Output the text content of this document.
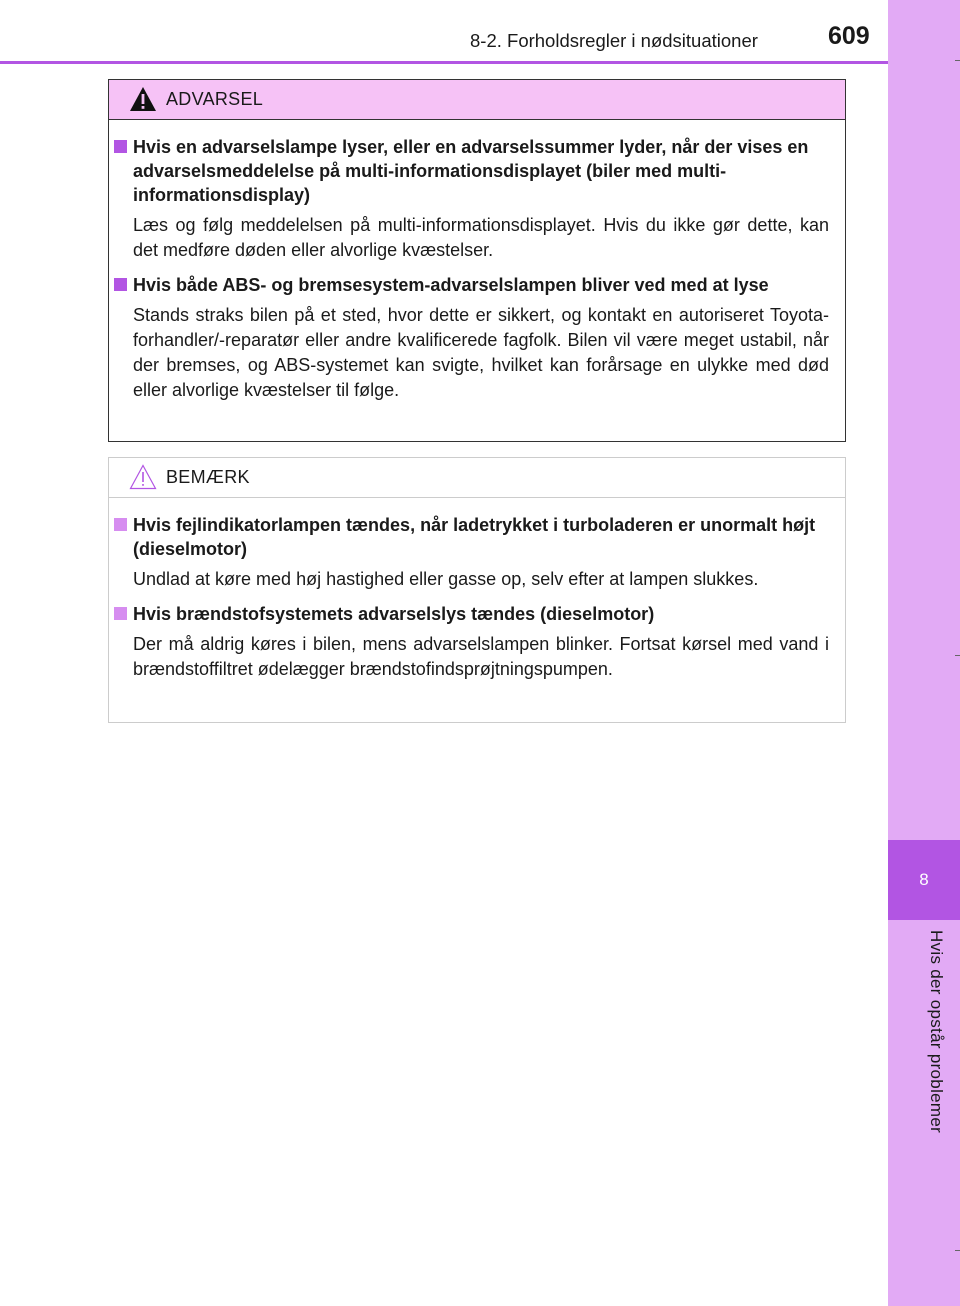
8
Hvis der opstår problemer
8-2. Forholdsregler i nødsituationer	609
ADVARSEL

Hvis en advarselslampe lyser, eller en advarselssummer lyder, når der vises en advarselsmeddelelse på multi-informationsdisplayet (biler med multi-informationsdisplay)

Læs og følg meddelelsen på multi-informationsdisplayet. Hvis du ikke gør dette, kan det medføre døden eller alvorlige kvæstelser.

Hvis både ABS- og bremsesystem-advarselslampen bliver ved med at lyse

Stands straks bilen på et sted, hvor dette er sikkert, og kontakt en autoriseret Toyota-forhandler/-reparatør eller andre kvalificerede fagfolk. Bilen vil være meget ustabil, når der bremses, og ABS-systemet kan svigte, hvilket kan forårsage en ulykke med død eller alvorlige kvæstelser til følge.

BEMÆRK

Hvis fejlindikatorlampen tændes, når ladetrykket i turboladeren er unormalt højt (dieselmotor)

Undlad at køre med høj hastighed eller gasse op, selv efter at lampen slukkes.

Hvis brændstofsystemets advarselslys tændes (dieselmotor)

Der må aldrig køres i bilen, mens advarselslampen blinker. Fortsat kørsel med vand i brændstoffiltret ødelægger brændstofindsprøjtningspumpen.
